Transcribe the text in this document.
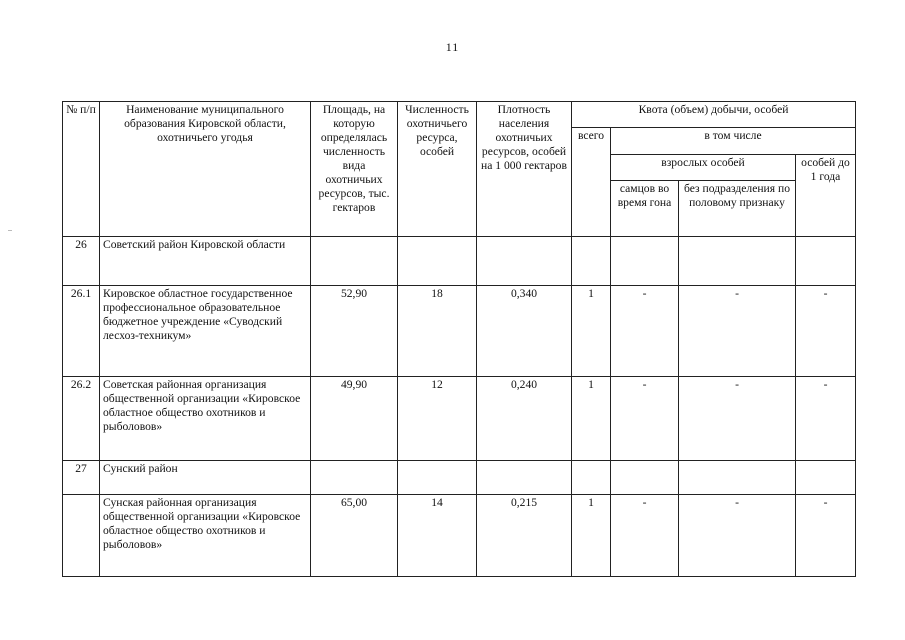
11
№ п/п	Наименование муниципального образования Кировской области, охотничьего угодья	Площадь, на которую определялась численность вида охотничьих ресурсов, тыс. гектаров	Численность охотничьего ресурса, особей	Плотность населения охотничьих ресурсов, особей на 1 000 гектаров	Квота (объем) добычи, особей			
					всего	в том числе		
						взрослых особей		особей до 1 года
						самцов во время гона	без подразделения по половому признаку	
26	Советский район Кировской области							
26.1	Кировское областное государственное профессиональное образовательное бюджетное учреждение «Суводский лесхоз-техникум»	52,90	18	0,340	1	-	-	-
26.2	Советская районная организация общественной организации «Кировское областное общество охотников и рыболовов»	49,90	12	0,240	1	-	-	-
27	Сунский район							
	Сунская районная организация общественной организации «Кировское областное общество охотников и рыболовов»	65,00	14	0,215	1	-	-	-
